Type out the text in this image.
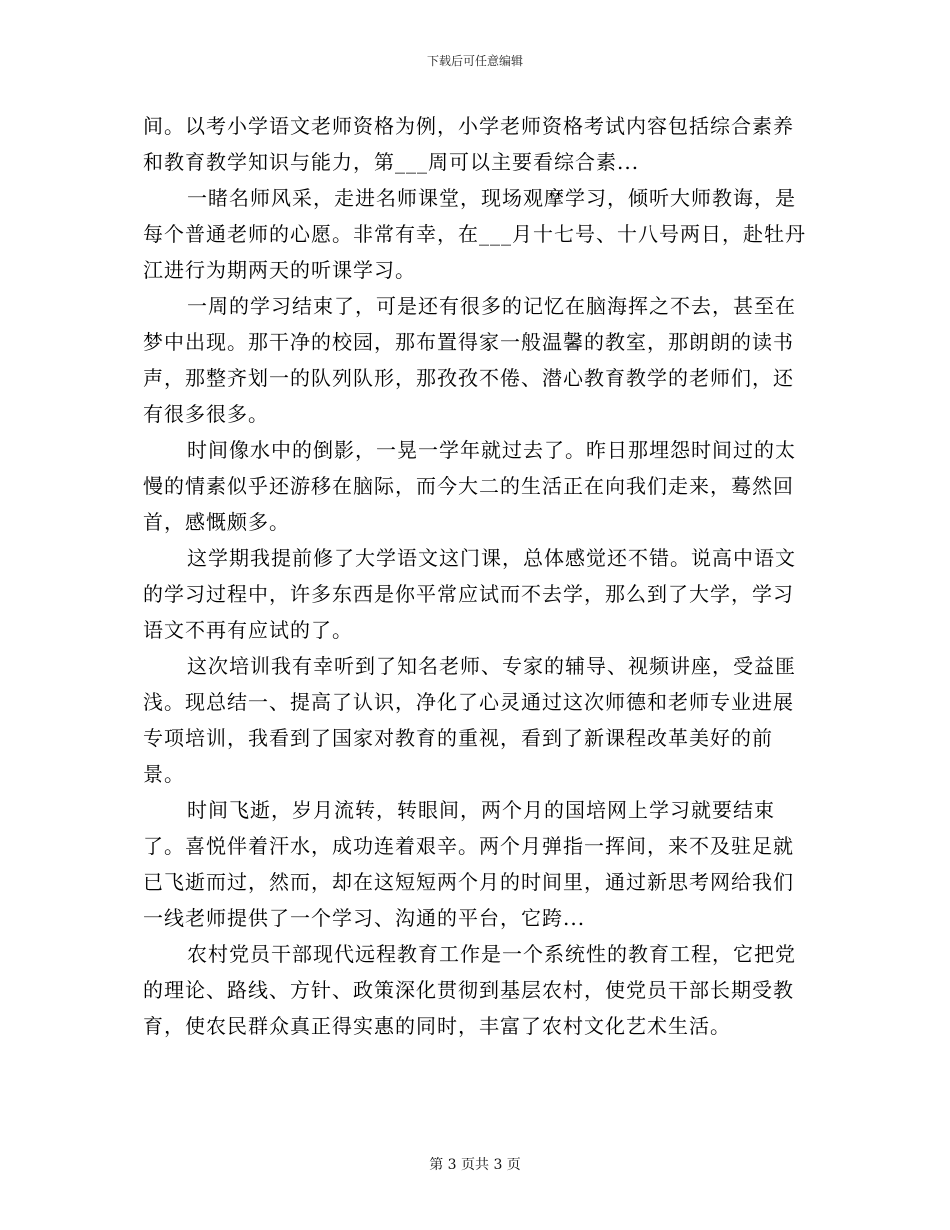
下载后可任意编辑

间。以考小学语文老师资格为例，小学老师资格考试内容包括综合素养和教育教学知识与能力，第___周可以主要看综合素...

一睹名师风采，走进名师课堂，现场观摩学习，倾听大师教诲，是每个普通老师的心愿。非常有幸，在___月十七号、十八号两日，赴牡丹江进行为期两天的听课学习。

一周的学习结束了，可是还有很多的记忆在脑海挥之不去，甚至在梦中出现。那干净的校园，那布置得家一般温馨的教室，那朗朗的读书声，那整齐划一的队列队形，那孜孜不倦、潜心教育教学的老师们，还有很多很多。

时间像水中的倒影，一晃一学年就过去了。昨日那埋怨时间过的太慢的情素似乎还游移在脑际，而今大二的生活正在向我们走来，蓦然回首，感慨颇多。

这学期我提前修了大学语文这门课，总体感觉还不错。说高中语文的学习过程中，许多东西是你平常应试而不去学，那么到了大学，学习语文不再有应试的了。

这次培训我有幸听到了知名老师、专家的辅导、视频讲座，受益匪浅。现总结一、提高了认识，净化了心灵通过这次师德和老师专业进展专项培训，我看到了国家对教育的重视，看到了新课程改革美好的前景。

时间飞逝，岁月流转，转眼间，两个月的国培网上学习就要结束了。喜悦伴着汗水，成功连着艰辛。两个月弹指一挥间，来不及驻足就已飞逝而过，然而，却在这短短两个月的时间里，通过新思考网给我们一线老师提供了一个学习、沟通的平台，它跨...

农村党员干部现代远程教育工作是一个系统性的教育工程，它把党的理论、路线、方针、政策深化贯彻到基层农村，使党员干部长期受教育，使农民群众真正得实惠的同时，丰富了农村文化艺术生活。

第 3 页共 3 页
